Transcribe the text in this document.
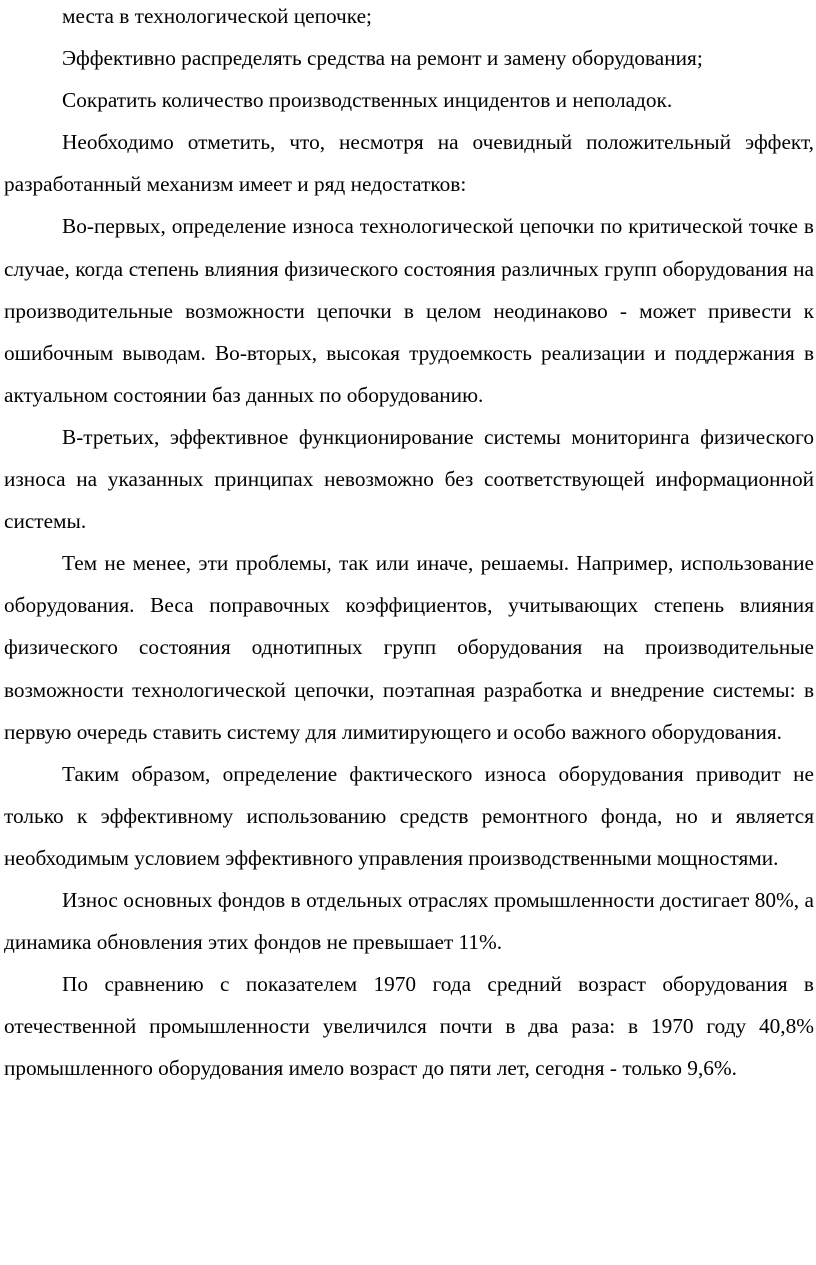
места в технологической цепочке;

Эффективно распределять средства на ремонт и замену оборудования;

Сократить количество производственных инцидентов и неполадок.

Необходимо отметить, что, несмотря на очевидный положительный эффект, разработанный механизм имеет и ряд недостатков:

Во-первых, определение износа технологической цепочки по критической точке в случае, когда степень влияния физического состояния различных групп оборудования на производительные возможности цепочки в целом неодинаково - может привести к ошибочным выводам. Во-вторых, высокая трудоемкость реализации и поддержания в актуальном состоянии баз данных по оборудованию.

В-третьих, эффективное функционирование системы мониторинга физического износа на указанных принципах невозможно без соответствующей информационной системы.

Тем не менее, эти проблемы, так или иначе, решаемы. Например, использование оборудования. Веса поправочных коэффициентов, учитывающих степень влияния физического состояния однотипных групп оборудования на производительные возможности технологической цепочки, поэтапная разработка и внедрение системы: в первую очередь ставить систему для лимитирующего и особо важного оборудования.

Таким образом, определение фактического износа оборудования приводит не только к эффективному использованию средств ремонтного фонда, но и является необходимым условием эффективного управления производственными мощностями.

Износ основных фондов в отдельных отраслях промышленности достигает 80%, а динамика обновления этих фондов не превышает 11%.

По сравнению с показателем 1970 года средний возраст оборудования в отечественной промышленности увеличился почти в два раза: в 1970 году 40,8% промышленного оборудования имело возраст до пяти лет, сегодня - только 9,6%.
